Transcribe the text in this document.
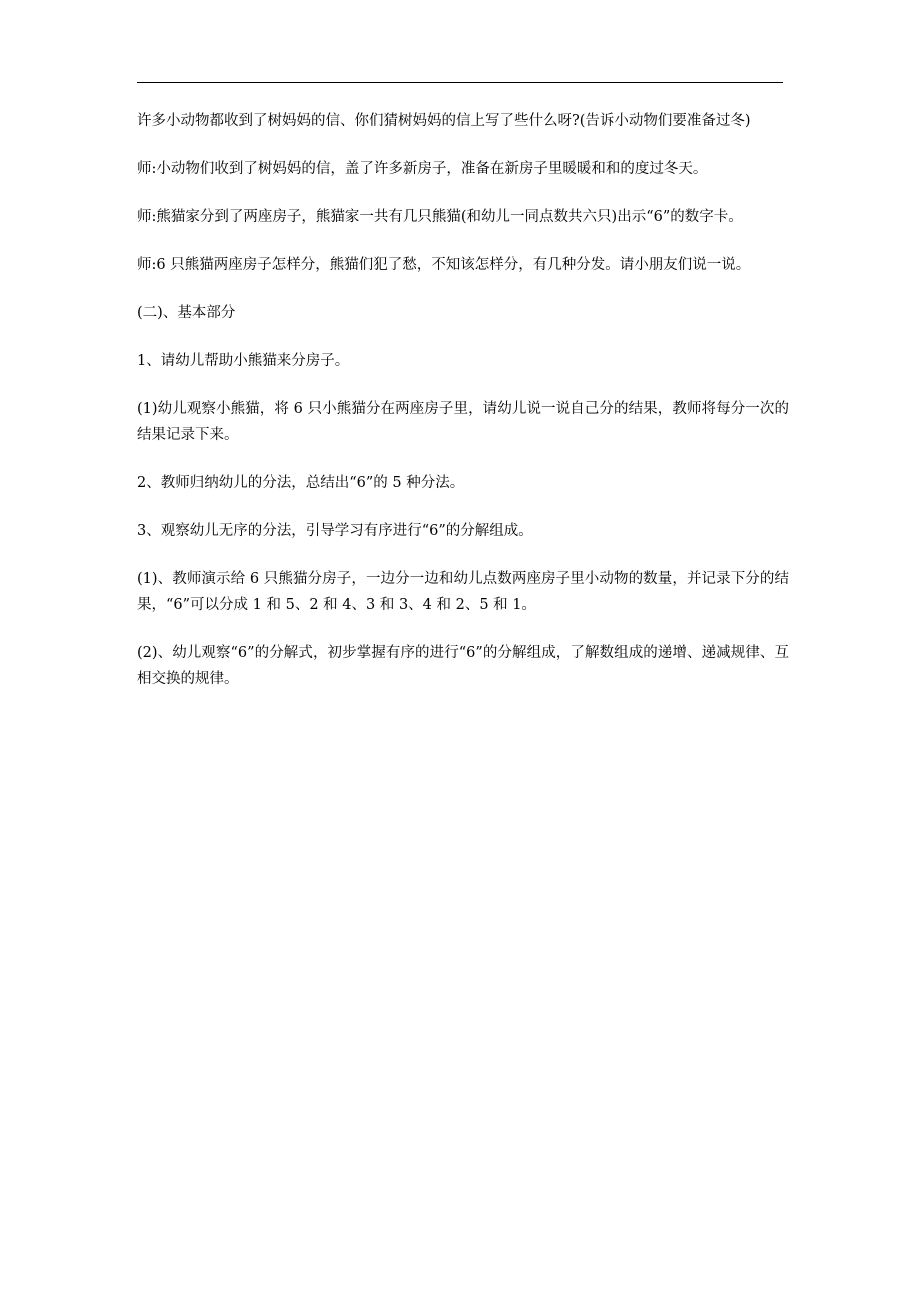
许多小动物都收到了树妈妈的信、你们猜树妈妈的信上写了些什么呀?(告诉小动物们要准备过冬)

师:小动物们收到了树妈妈的信，盖了许多新房子，准备在新房子里暖暖和和的度过冬天。

师:熊猫家分到了两座房子，熊猫家一共有几只熊猫(和幼儿一同点数共六只)出示“6”的数字卡。

师:6 只熊猫两座房子怎样分，熊猫们犯了愁，不知该怎样分，有几种分发。请小朋友们说一说。

(二)、基本部分

1、请幼儿帮助小熊猫来分房子。

(1)幼儿观察小熊猫，将 6 只小熊猫分在两座房子里，请幼儿说一说自己分的结果，教师将每分一次的结果记录下来。

2、教师归纳幼儿的分法，总结出“6”的 5 种分法。

3、观察幼儿无序的分法，引导学习有序进行“6”的分解组成。

(1)、教师演示给 6 只熊猫分房子，一边分一边和幼儿点数两座房子里小动物的数量，并记录下分的结果，“6”可以分成 1 和 5、2 和 4、3 和 3、4 和 2、5 和 1。

(2)、幼儿观察“6”的分解式，初步掌握有序的进行“6”的分解组成，了解数组成的递增、递减规律、互相交换的规律。
